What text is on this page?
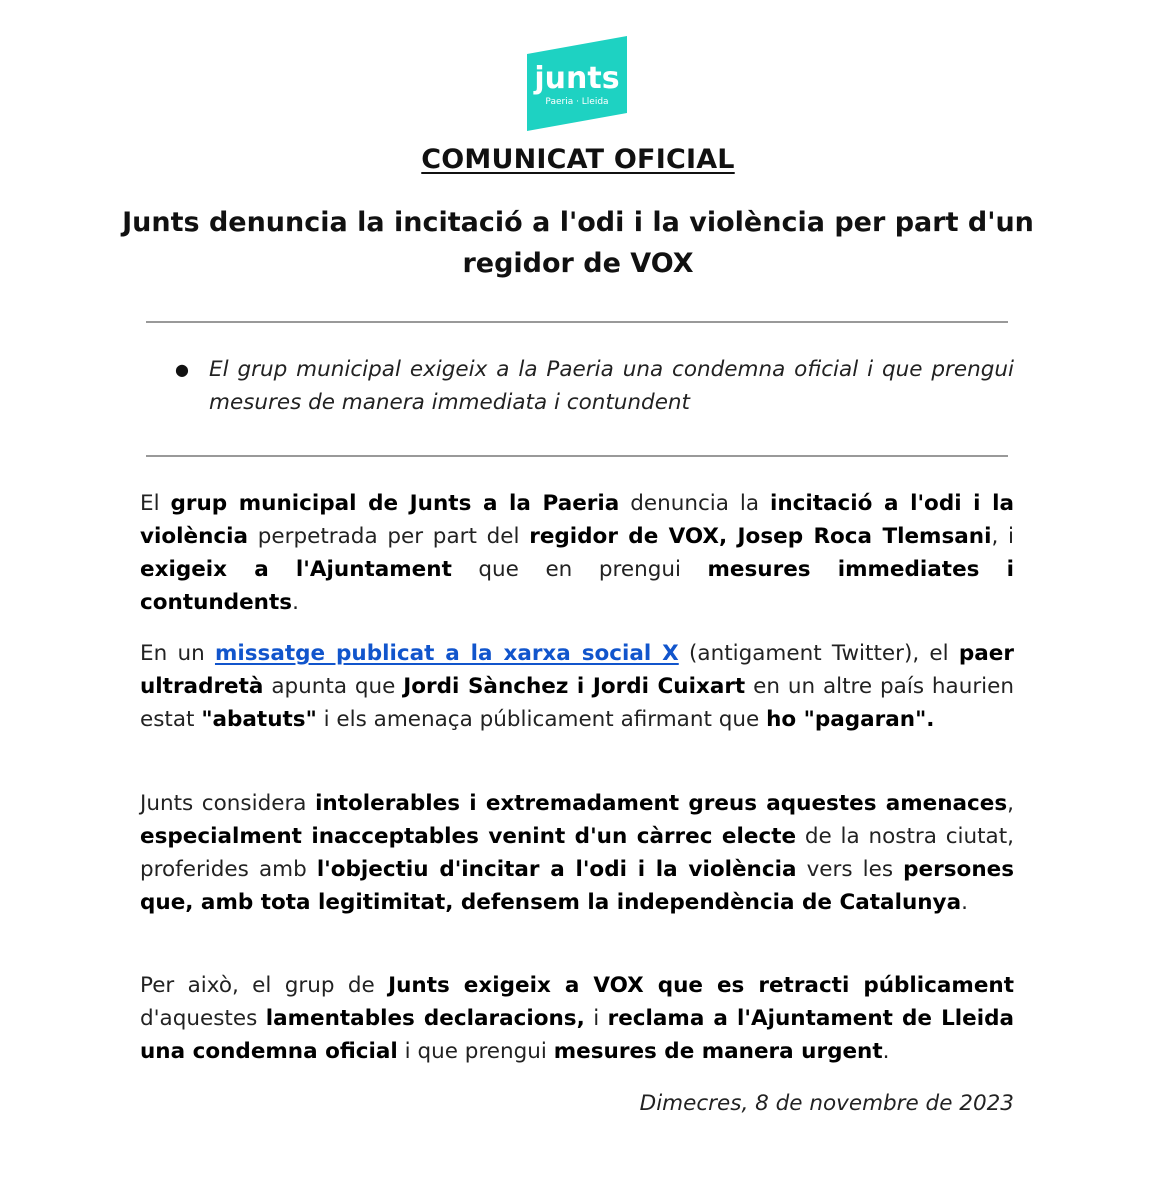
junts
Paeria · Lleida
COMUNICAT OFICIAL
Junts denuncia la incitació a l'odi i la violència per part d'un regidor de VOX
● El grup municipal exigeix a la Paeria una condemna oficial i que prengui mesures de manera immediata i contundent
El grup municipal de Junts a la Paeria denuncia la incitació a l'odi i la violència perpetrada per part del regidor de VOX, Josep Roca Tlemsani, i exigeix a l'Ajuntament que en prengui mesures immediates i contundents.
En un missatge publicat a la xarxa social X (antigament Twitter), el paer ultradretà apunta que Jordi Sànchez i Jordi Cuixart en un altre país haurien estat "abatuts" i els amenaça públicament afirmant que ho "pagaran".
Junts considera intolerables i extremadament greus aquestes amenaces, especialment inacceptables venint d'un càrrec electe de la nostra ciutat, proferides amb l'objectiu d'incitar a l'odi i la violència vers les persones que, amb tota legitimitat, defensem la independència de Catalunya.
Per això, el grup de Junts exigeix a VOX que es retracti públicament d'aquestes lamentables declaracions, i reclama a l'Ajuntament de Lleida una condemna oficial i que prengui mesures de manera urgent.
Dimecres, 8 de novembre de 2023
